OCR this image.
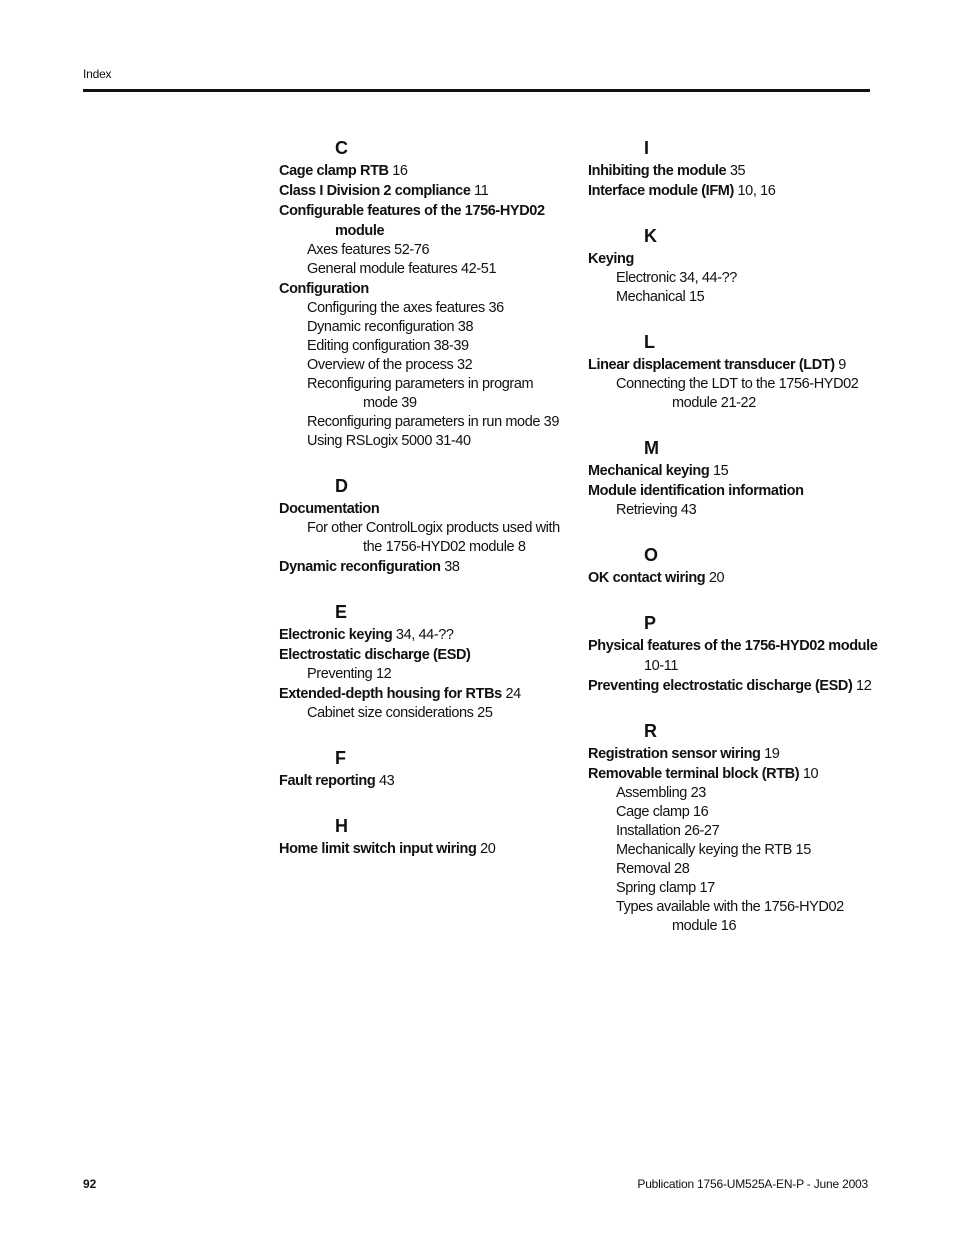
Index
C
Cage clamp RTB 16
Class I Division 2 compliance 11
Configurable features of the 1756-HYD02 module
Axes features 52-76
General module features 42-51
Configuration
Configuring the axes features 36
Dynamic reconfiguration 38
Editing configuration 38-39
Overview of the process 32
Reconfiguring parameters in program mode 39
Reconfiguring parameters in run mode 39
Using RSLogix 5000 31-40
D
Documentation
For other ControlLogix products used with the 1756-HYD02 module 8
Dynamic reconfiguration 38
E
Electronic keying 34, 44-??
Electrostatic discharge (ESD)
Preventing 12
Extended-depth housing for RTBs 24
Cabinet size considerations 25
F
Fault reporting 43
H
Home limit switch input wiring 20
I
Inhibiting the module 35
Interface module (IFM) 10, 16
K
Keying
Electronic 34, 44-??
Mechanical 15
L
Linear displacement transducer (LDT) 9
Connecting the LDT to the 1756-HYD02 module 21-22
M
Mechanical keying 15
Module identification information
Retrieving 43
O
OK contact wiring 20
P
Physical features of the 1756-HYD02 module 10-11
Preventing electrostatic discharge (ESD) 12
R
Registration sensor wiring 19
Removable terminal block (RTB) 10
Assembling 23
Cage clamp 16
Installation 26-27
Mechanically keying the RTB 15
Removal 28
Spring clamp 17
Types available with the 1756-HYD02 module 16
92	Publication 1756-UM525A-EN-P - June 2003
